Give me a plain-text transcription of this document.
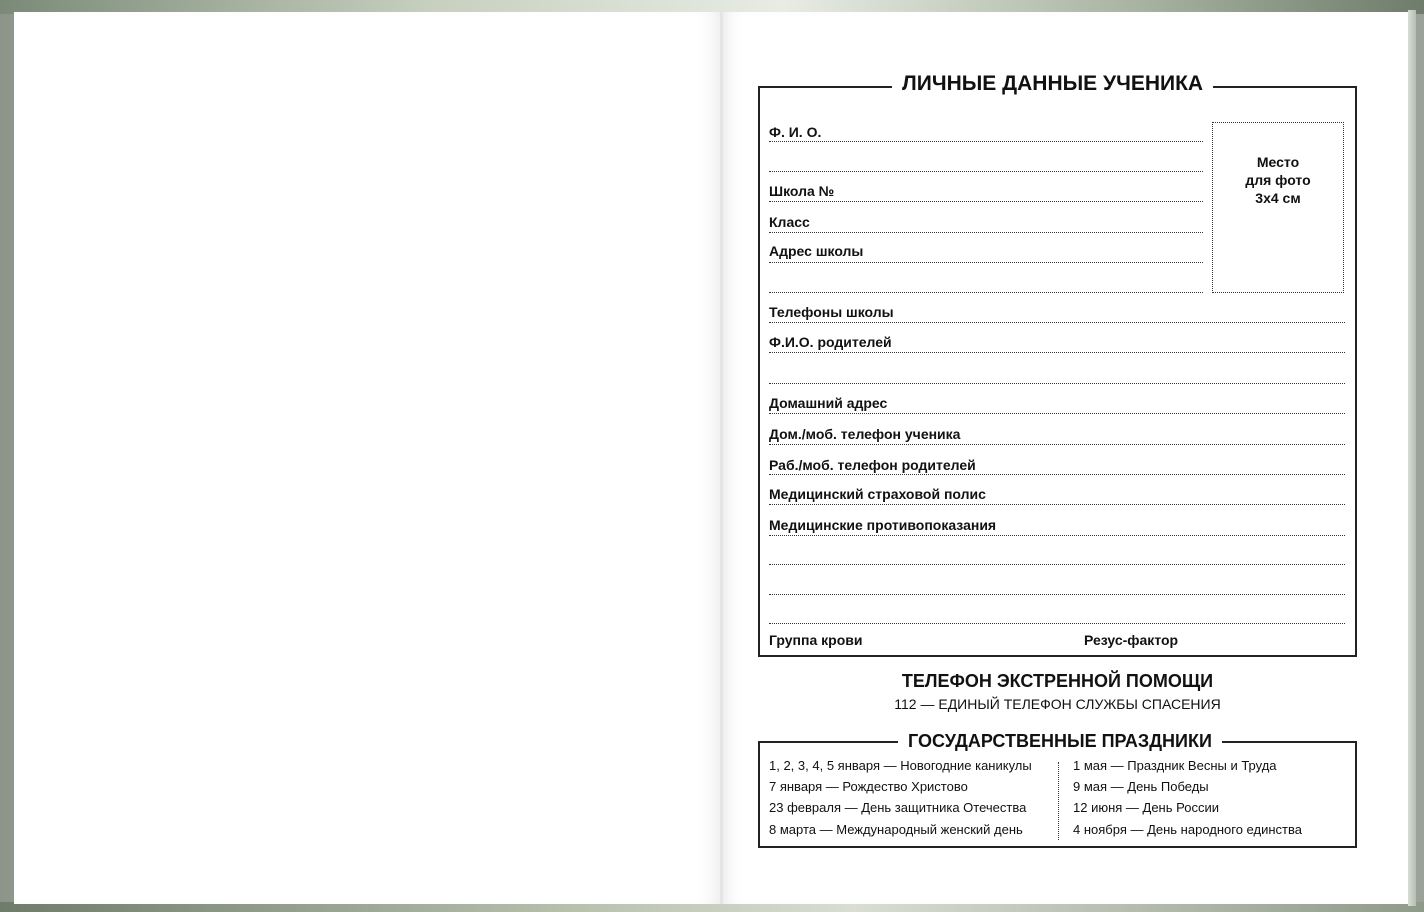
ЛИЧНЫЕ ДАННЫЕ УЧЕНИКА
Ф. И. О.
Школа №
Класс
Адрес школы
Место
для фото
3x4 см
Телефоны школы
Ф.И.О. родителей
Домашний адрес
Дом./моб. телефон ученика
Раб./моб. телефон родителей
Медицинский страховой полис
Медицинские противопоказания
Группа крови	Резус-фактор
ТЕЛЕФОН ЭКСТРЕННОЙ ПОМОЩИ
112 — ЕДИНЫЙ ТЕЛЕФОН СЛУЖБЫ СПАСЕНИЯ
ГОСУДАРСТВЕННЫЕ ПРАЗДНИКИ
1, 2, 3, 4, 5 января — Новогодние каникулы
7 января — Рождество Христово
23 февраля — День защитника Отечества
8 марта — Международный женский день
1 мая — Праздник Весны и Труда
9 мая — День Победы
12 июня — День России
4 ноября — День народного единства
